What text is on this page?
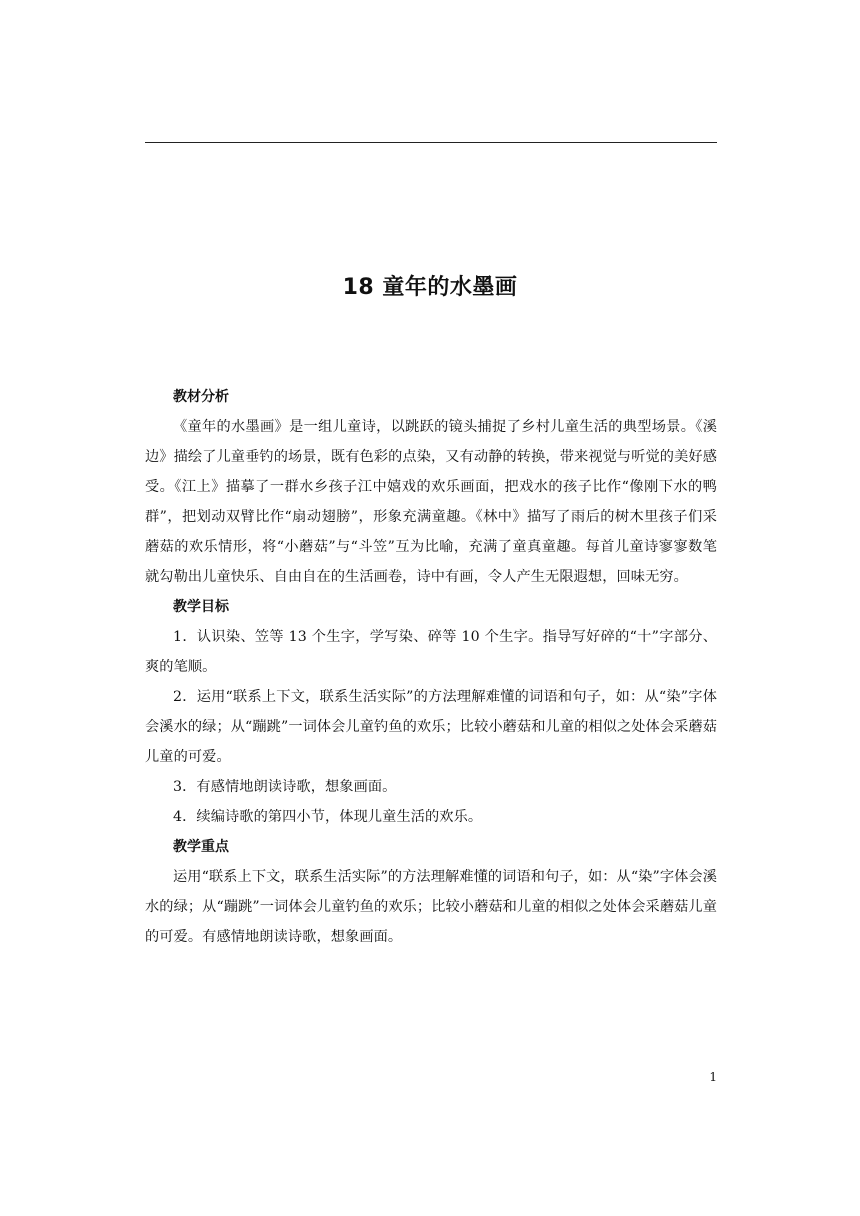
18 童年的水墨画

教材分析

《童年的水墨画》是一组儿童诗，以跳跃的镜头捕捉了乡村儿童生活的典型场景。《溪边》描绘了儿童垂钓的场景，既有色彩的点染，又有动静的转换，带来视觉与听觉的美好感受。《江上》描摹了一群水乡孩子江中嬉戏的欢乐画面，把戏水的孩子比作“像刚下水的鸭群”，把划动双臂比作“扇动翅膀”，形象充满童趣。《林中》描写了雨后的树木里孩子们采蘑菇的欢乐情形，将“小蘑菇”与“斗笠”互为比喻，充满了童真童趣。每首儿童诗寥寥数笔就勾勒出儿童快乐、自由自在的生活画卷，诗中有画，令人产生无限遐想，回味无穷。

教学目标

1．认识染、笠等 13 个生字，学写染、碎等 10 个生字。指导写好碎的“十”字部分、爽的笔顺。

2．运用“联系上下文，联系生活实际”的方法理解难懂的词语和句子，如：从“染”字体会溪水的绿；从“蹦跳”一词体会儿童钓鱼的欢乐；比较小蘑菇和儿童的相似之处体会采蘑菇儿童的可爱。

3．有感情地朗读诗歌，想象画面。

4．续编诗歌的第四小节，体现儿童生活的欢乐。

教学重点

运用“联系上下文，联系生活实际”的方法理解难懂的词语和句子，如：从“染”字体会溪水的绿；从“蹦跳”一词体会儿童钓鱼的欢乐；比较小蘑菇和儿童的相似之处体会采蘑菇儿童的可爱。有感情地朗读诗歌，想象画面。

1
